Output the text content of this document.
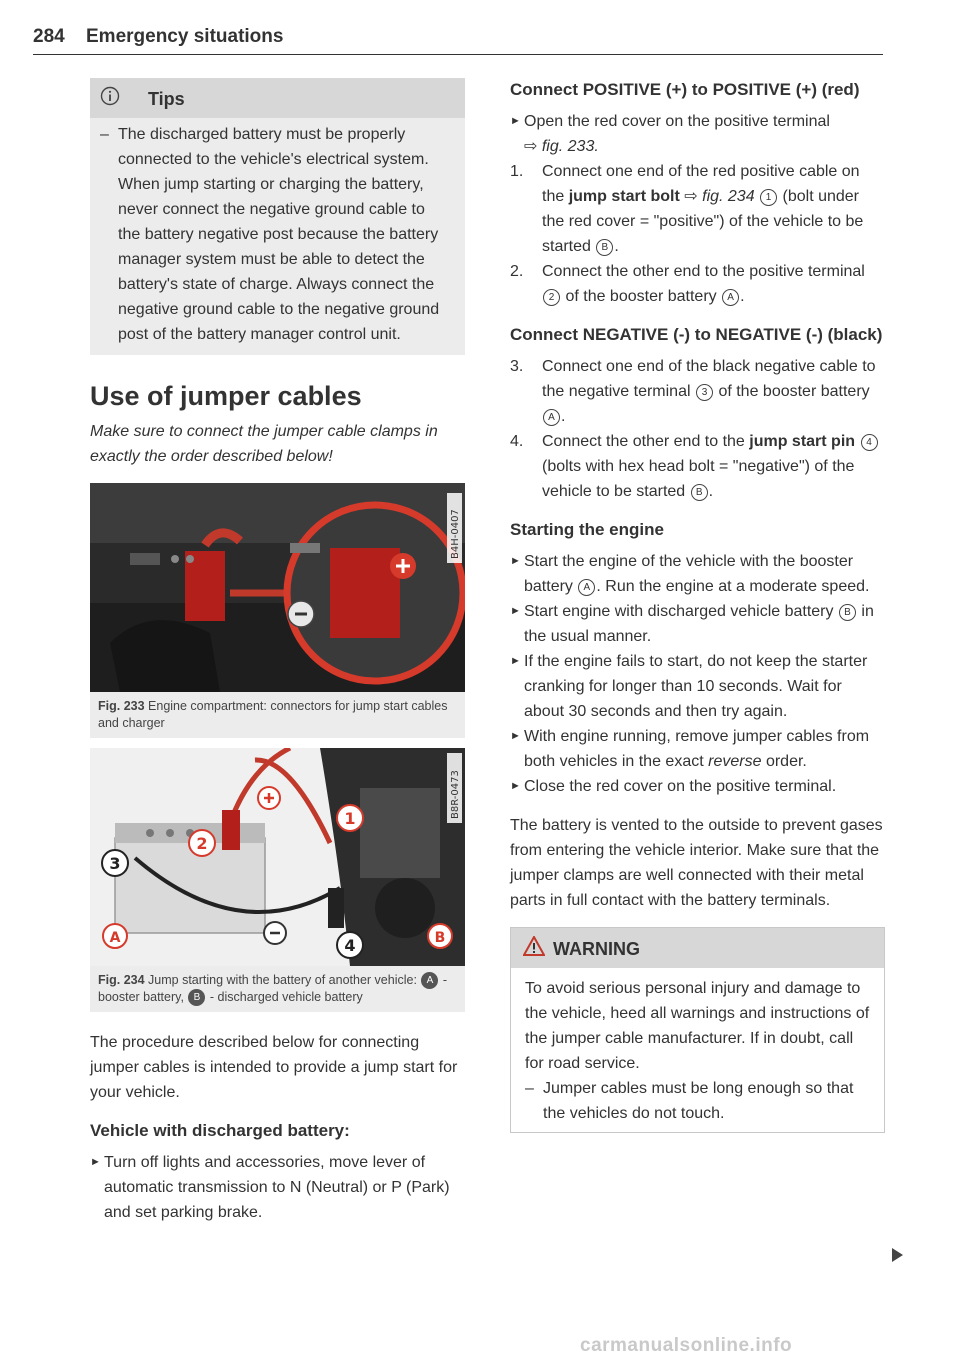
284 Emergency situations
Tips
– The discharged battery must be properly connected to the vehicle's electrical system. When jump starting or charging the battery, never connect the negative ground cable to the battery negative post because the battery manager system must be able to detect the battery's state of charge. Always connect the negative ground cable to the negative ground post of the battery manager control unit.
Use of jumper cables

Make sure to connect the jumper cable clamps in exactly the order described below!

B4H-0407
Fig. 233 Engine compartment: connectors for jump start cables and charger
1
2
3
4
A	B
B8R-0473
Fig. 234 Jump starting with the battery of another vehicle: A - booster battery, B - discharged vehicle battery

The procedure described below for connecting jumper cables is intended to provide a jump start for your vehicle.

Vehicle with discharged battery:
► Turn off lights and accessories, move lever of automatic transmission to N (Neutral) or P (Park) and set parking brake.
Connect POSITIVE (+) to POSITIVE (+) (red)
► Open the red cover on the positive terminal
⇨ fig. 233.
1. Connect one end of the red positive cable on the jump start bolt ⇨ fig. 234 1 (bolt under the red cover = "positive") of the vehicle to be started B .
2. Connect the other end to the positive terminal 2 of the booster battery A .
Connect NEGATIVE (-) to NEGATIVE (-) (black)
3. Connect one end of the black negative cable to the negative terminal 3 of the booster battery A .
4. Connect the other end to the jump start pin 4 (bolts with hex head bolt = "negative") of the vehicle to be started B .
Starting the engine
► Start the engine of the vehicle with the booster battery A . Run the engine at a moderate speed.
► Start engine with discharged vehicle battery B in the usual manner.
► If the engine fails to start, do not keep the starter cranking for longer than 10 seconds. Wait for about 30 seconds and then try again.
► With engine running, remove jumper cables from both vehicles in the exact reverse order.
► Close the red cover on the positive terminal.

The battery is vented to the outside to prevent gases from entering the vehicle interior. Make sure that the jumper clamps are well connected with their metal parts in full contact with the battery terminals.

WARNING
To avoid serious personal injury and damage to the vehicle, heed all warnings and instructions of the jumper cable manufacturer. If in doubt, call for road service.
– Jumper cables must be long enough so that the vehicles do not touch.
carmanualsonline.info
